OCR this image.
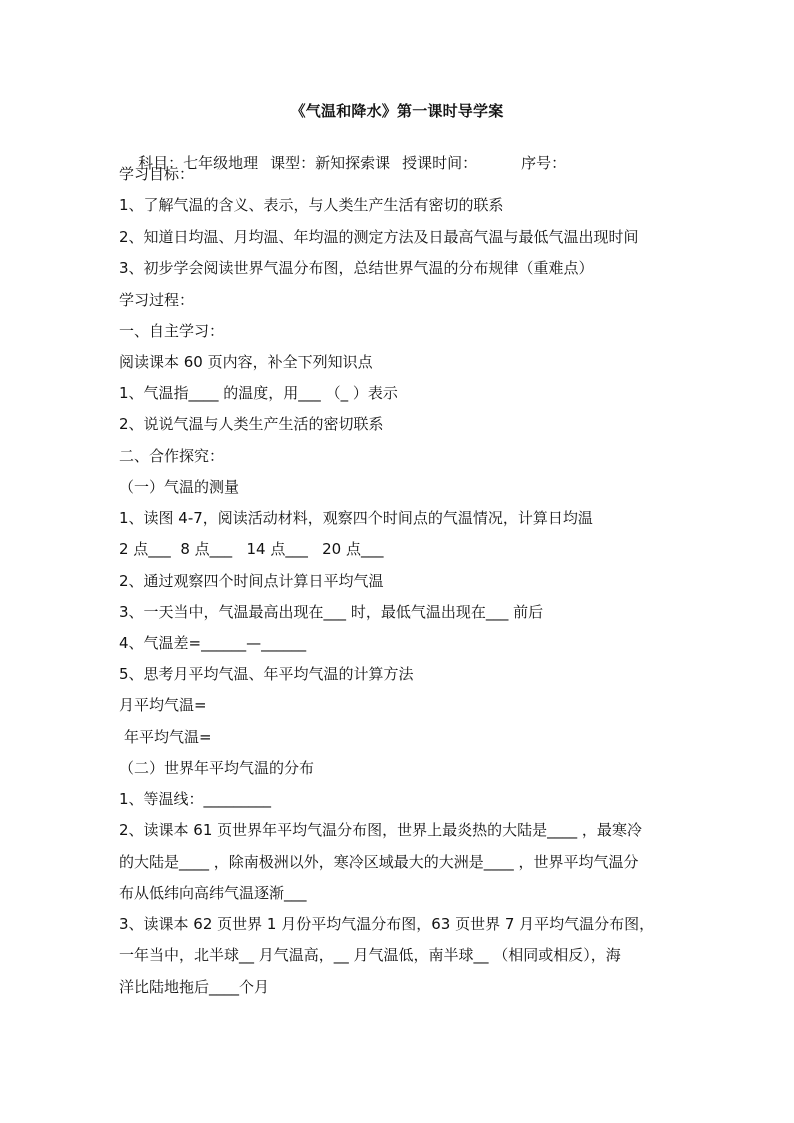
《气温和降水》第一课时导学案

科目：七年级地理 课型：新知探索课 授课时间：	序号：

学习目标：
1、了解气温的含义、表示，与人类生产生活有密切的联系
2、知道日均温、月均温、年均温的测定方法及日最高气温与最低气温出现时间
3、初步学会阅读世界气温分布图，总结世界气温的分布规律（重难点）
学习过程：
一、自主学习：
阅读课本 60 页内容，补全下列知识点
1、气温指____ 的温度，用___ （_ ）表示
2、说说气温与人类生产生活的密切联系
二、合作探究：
（一）气温的测量
1、读图 4-7，阅读活动材料，观察四个时间点的气温情况，计算日均温
2 点___  8 点___   14 点___   20 点___
2、通过观察四个时间点计算日平均气温
3、一天当中，气温最高出现在___ 时，最低气温出现在___ 前后
4、气温差=______—______
5、思考月平均气温、年平均气温的计算方法
月平均气温=
年平均气温=
（二）世界年平均气温的分布
1、等温线：_________
2、读课本 61 页世界年平均气温分布图，世界上最炎热的大陆是____ ，最寒冷
的大陆是____ ，除南极洲以外，寒冷区域最大的大洲是____ ，世界平均气温分
布从低纬向高纬气温逐渐___
3、读课本 62 页世界 1 月份平均气温分布图，63 页世界 7 月平均气温分布图，
一年当中，北半球__ 月气温高，__ 月气温低，南半球__ （相同或相反），海
洋比陆地拖后____个月
